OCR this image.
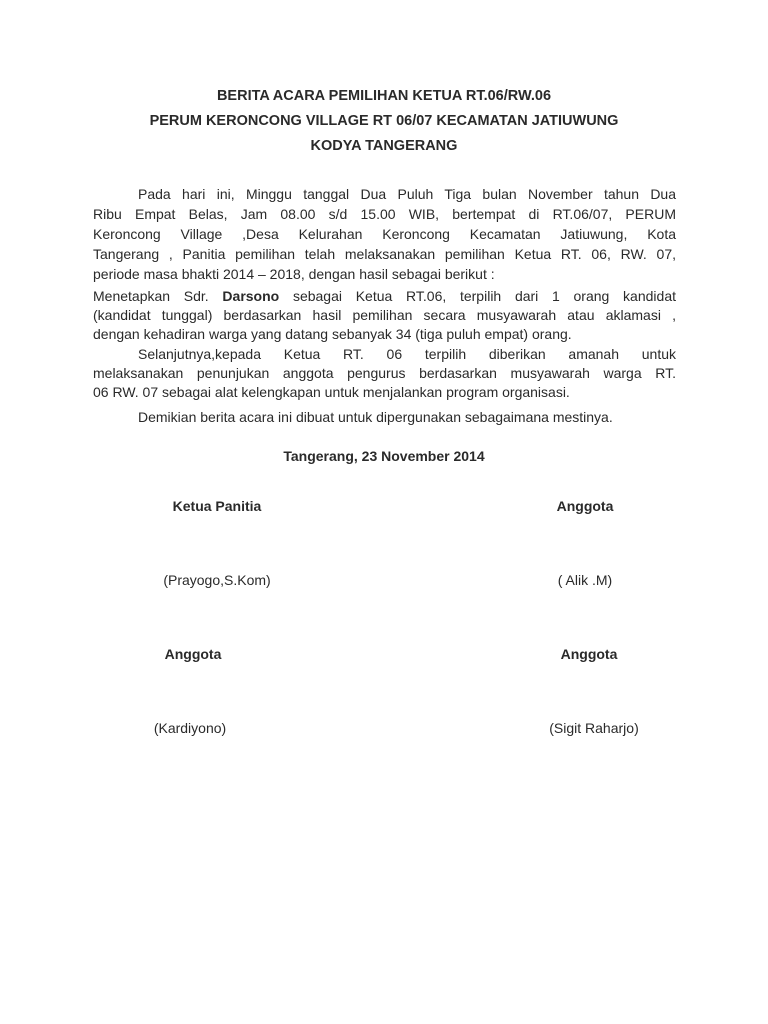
BERITA ACARA PEMILIHAN KETUA RT.06/RW.06
PERUM KERONCONG VILLAGE RT 06/07 KECAMATAN JATIUWUNG
KODYA TANGERANG
Pada hari ini, Minggu tanggal Dua Puluh Tiga bulan November tahun Dua
Ribu Empat Belas, Jam 08.00 s/d 15.00 WIB, bertempat di RT.06/07, PERUM
Keroncong Village ,Desa Kelurahan Keroncong Kecamatan Jatiuwung, Kota
Tangerang , Panitia pemilihan telah melaksanakan pemilihan Ketua RT. 06, RW. 07,
periode masa bhakti 2014 – 2018, dengan hasil sebagai berikut :
Menetapkan Sdr. Darsono sebagai Ketua RT.06, terpilih dari 1 orang kandidat
(kandidat tunggal) berdasarkan hasil pemilihan secara musyawarah atau aklamasi ,
dengan kehadiran warga yang datang sebanyak 34 (tiga puluh empat) orang.
Selanjutnya,kepada Ketua RT. 06 terpilih diberikan amanah untuk
melaksanakan penunjukan anggota pengurus berdasarkan musyawarah warga RT.
06 RW. 07 sebagai alat kelengkapan untuk menjalankan program organisasi.
Demikian berita acara ini dibuat untuk dipergunakan sebagaimana mestinya.
Tangerang, 23 November 2014
Ketua Panitia	Anggota
(Prayogo,S.Kom)	( Alik .M)
Anggota	Anggota
(Kardiyono)	(Sigit Raharjo)
